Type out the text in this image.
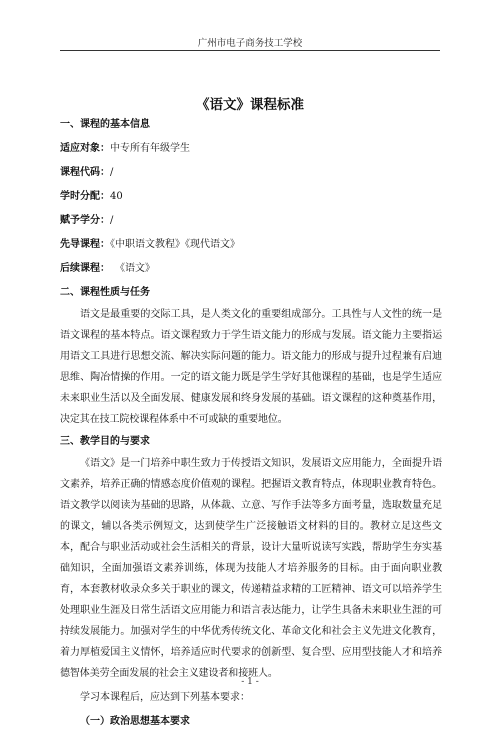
广州市电子商务技工学校
《语文》课程标准
一、课程的基本信息
适应对象：中专所有年级学生
课程代码：/
学时分配：40
赋予学分：/
先导课程：《中职语文教程》《现代语文》
后续课程： 《语文》
二、课程性质与任务

语文是最重要的交际工具，是人类文化的重要组成部分。工具性与人文性的统一是语文课程的基本特点。语文课程致力于学生语文能力的形成与发展。语文能力主要指运用语文工具进行思想交流、解决实际问题的能力。语文能力的形成与提升过程兼有启迪思维、陶冶情操的作用。一定的语文能力既是学生学好其他课程的基础，也是学生适应未来职业生活以及全面发展、健康发展和终身发展的基础。语文课程的这种奠基作用，决定其在技工院校课程体系中不可或缺的重要地位。

三、教学目的与要求

《语文》是一门培养中职生致力于传授语文知识，发展语文应用能力，全面提升语文素养，培养正确的情感态度价值观的课程。把握语文教育特点，体现职业教育特色。语文教学以阅读为基础的思路，从体裁、立意、写作手法等多方面考量，选取数量充足的课文，辅以各类示例短文，达到使学生广泛接触语文材料的目的。教材立足这些文本，配合与职业活动或社会生活相关的背景，设计大量听说读写实践，帮助学生夯实基础知识，全面加强语文素养训练，体现为技能人才培养服务的目标。由于面向职业教育，本套教材收录众多关于职业的课文，传递精益求精的工匠精神、语文可以培养学生处理职业生涯及日常生活语文应用能力和语言表达能力，让学生具备未来职业生涯的可持续发展能力。加强对学生的中华优秀传统文化、革命文化和社会主义先进文化教育，着力厚植爱国主义情怀，培养适应时代要求的创新型、复合型、应用型技能人才和培养德智体美劳全面发展的社会主义建设者和接班人。

学习本课程后，应达到下列基本要求：
（一）政治思想基本要求
- 1 -
